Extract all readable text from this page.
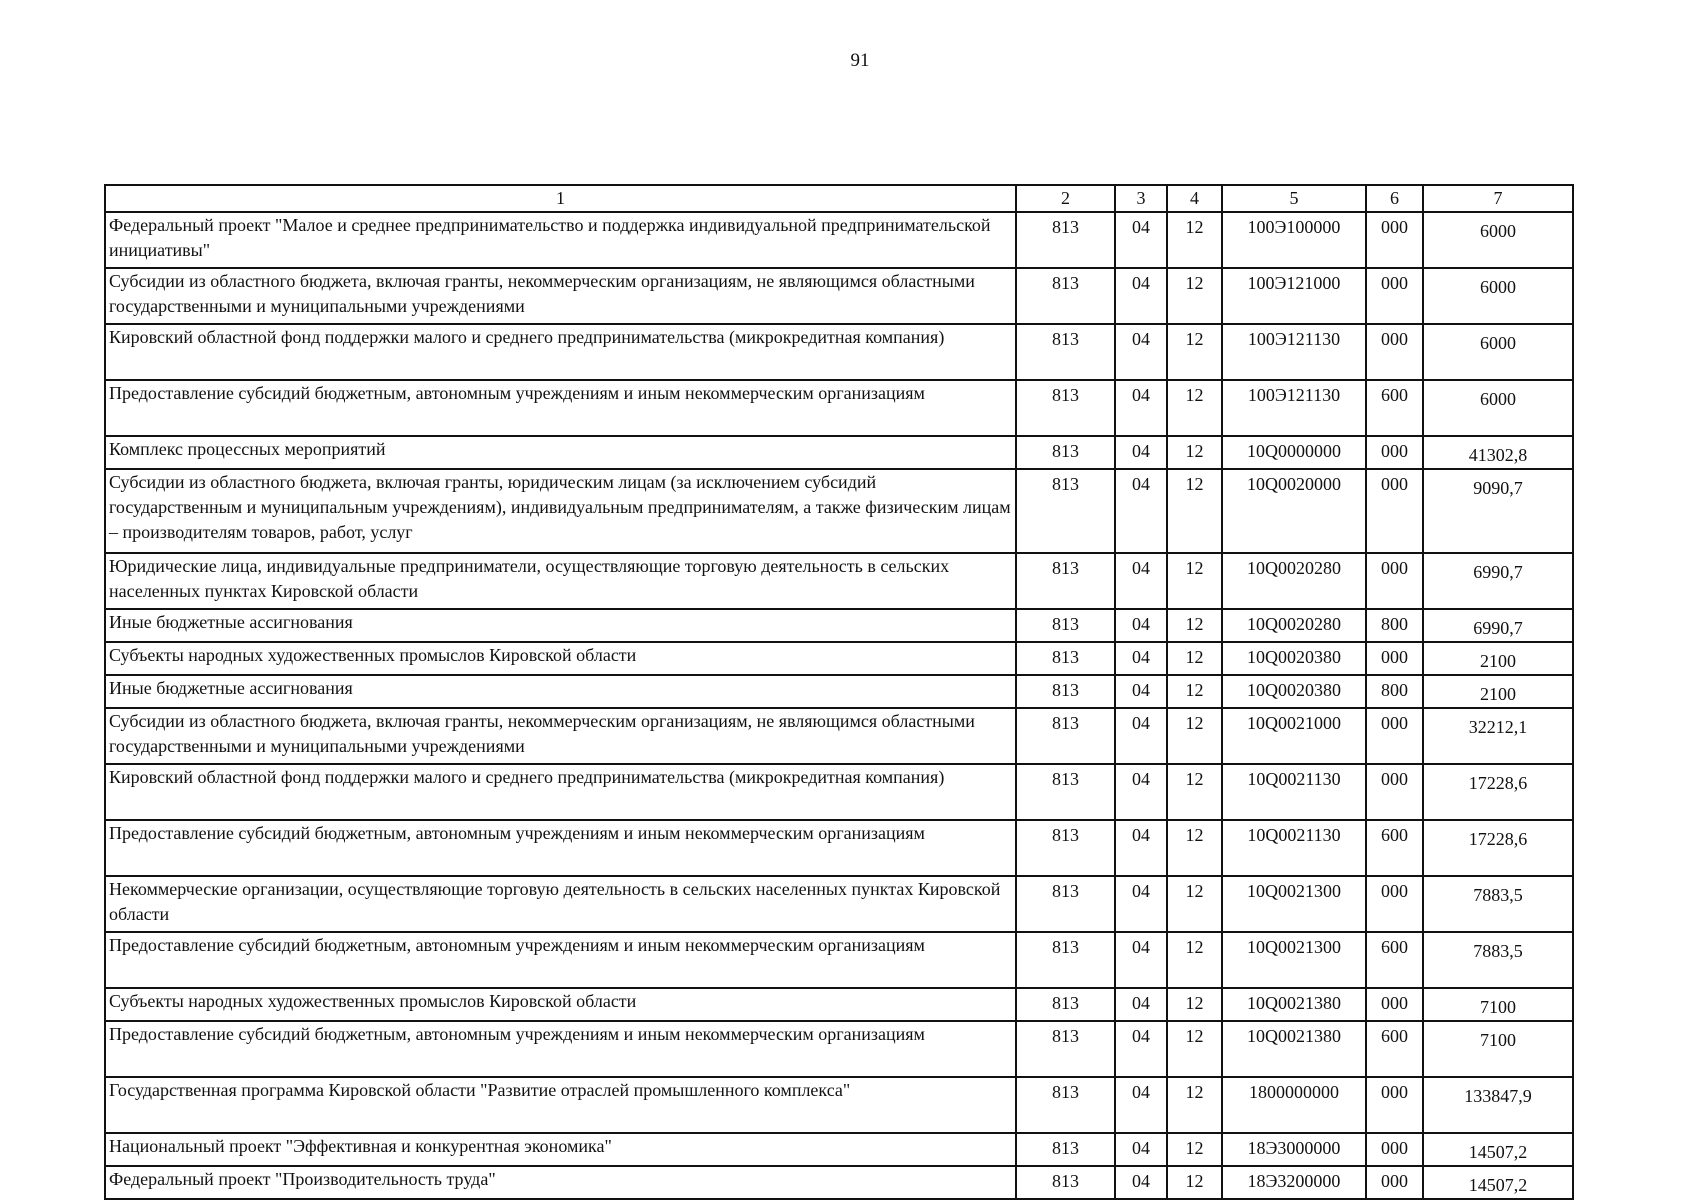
91
1	2	3	4	5	6	7
Федеральный проект "Малое и среднее предпринимательство и поддержка индивидуальной предпринимательской инициативы"	813	04	12	100Э100000	000	6000
Субсидии из областного бюджета, включая гранты, некоммерческим организациям, не являющимся областными государственными и муниципальными учреждениями	813	04	12	100Э121000	000	6000
Кировский областной фонд поддержки малого и среднего предпринимательства (микрокредитная компания)	813	04	12	100Э121130	000	6000
Предоставление субсидий бюджетным, автономным учреждениям и иным некоммерческим организациям	813	04	12	100Э121130	600	6000
Комплекс процессных мероприятий	813	04	12	10Q0000000	000	41302,8
Субсидии из областного бюджета, включая гранты, юридическим лицам (за исключением субсидий государственным и муниципальным учреждениям), индивидуальным предпринимателям, а также физическим лицам – производителям товаров, работ, услуг	813	04	12	10Q0020000	000	9090,7
Юридические лица, индивидуальные предприниматели, осуществляющие торговую деятельность в сельских населенных пунктах Кировской области	813	04	12	10Q0020280	000	6990,7
Иные бюджетные ассигнования	813	04	12	10Q0020280	800	6990,7
Субъекты народных художественных промыслов Кировской области	813	04	12	10Q0020380	000	2100
Иные бюджетные ассигнования	813	04	12	10Q0020380	800	2100
Субсидии из областного бюджета, включая гранты, некоммерческим организациям, не являющимся областными государственными и муниципальными учреждениями	813	04	12	10Q0021000	000	32212,1
Кировский областной фонд поддержки малого и среднего предпринимательства (микрокредитная компания)	813	04	12	10Q0021130	000	17228,6
Предоставление субсидий бюджетным, автономным учреждениям и иным некоммерческим организациям	813	04	12	10Q0021130	600	17228,6
Некоммерческие организации, осуществляющие торговую деятельность в сельских населенных пунктах Кировской области	813	04	12	10Q0021300	000	7883,5
Предоставление субсидий бюджетным, автономным учреждениям и иным некоммерческим организациям	813	04	12	10Q0021300	600	7883,5
Субъекты народных художественных промыслов Кировской области	813	04	12	10Q0021380	000	7100
Предоставление субсидий бюджетным, автономным учреждениям и иным некоммерческим организациям	813	04	12	10Q0021380	600	7100
Государственная программа Кировской области "Развитие отраслей промышленного комплекса"	813	04	12	1800000000	000	133847,9
Национальный проект "Эффективная и конкурентная экономика"	813	04	12	18Э3000000	000	14507,2
Федеральный проект "Производительность труда"	813	04	12	18Э3200000	000	14507,2
